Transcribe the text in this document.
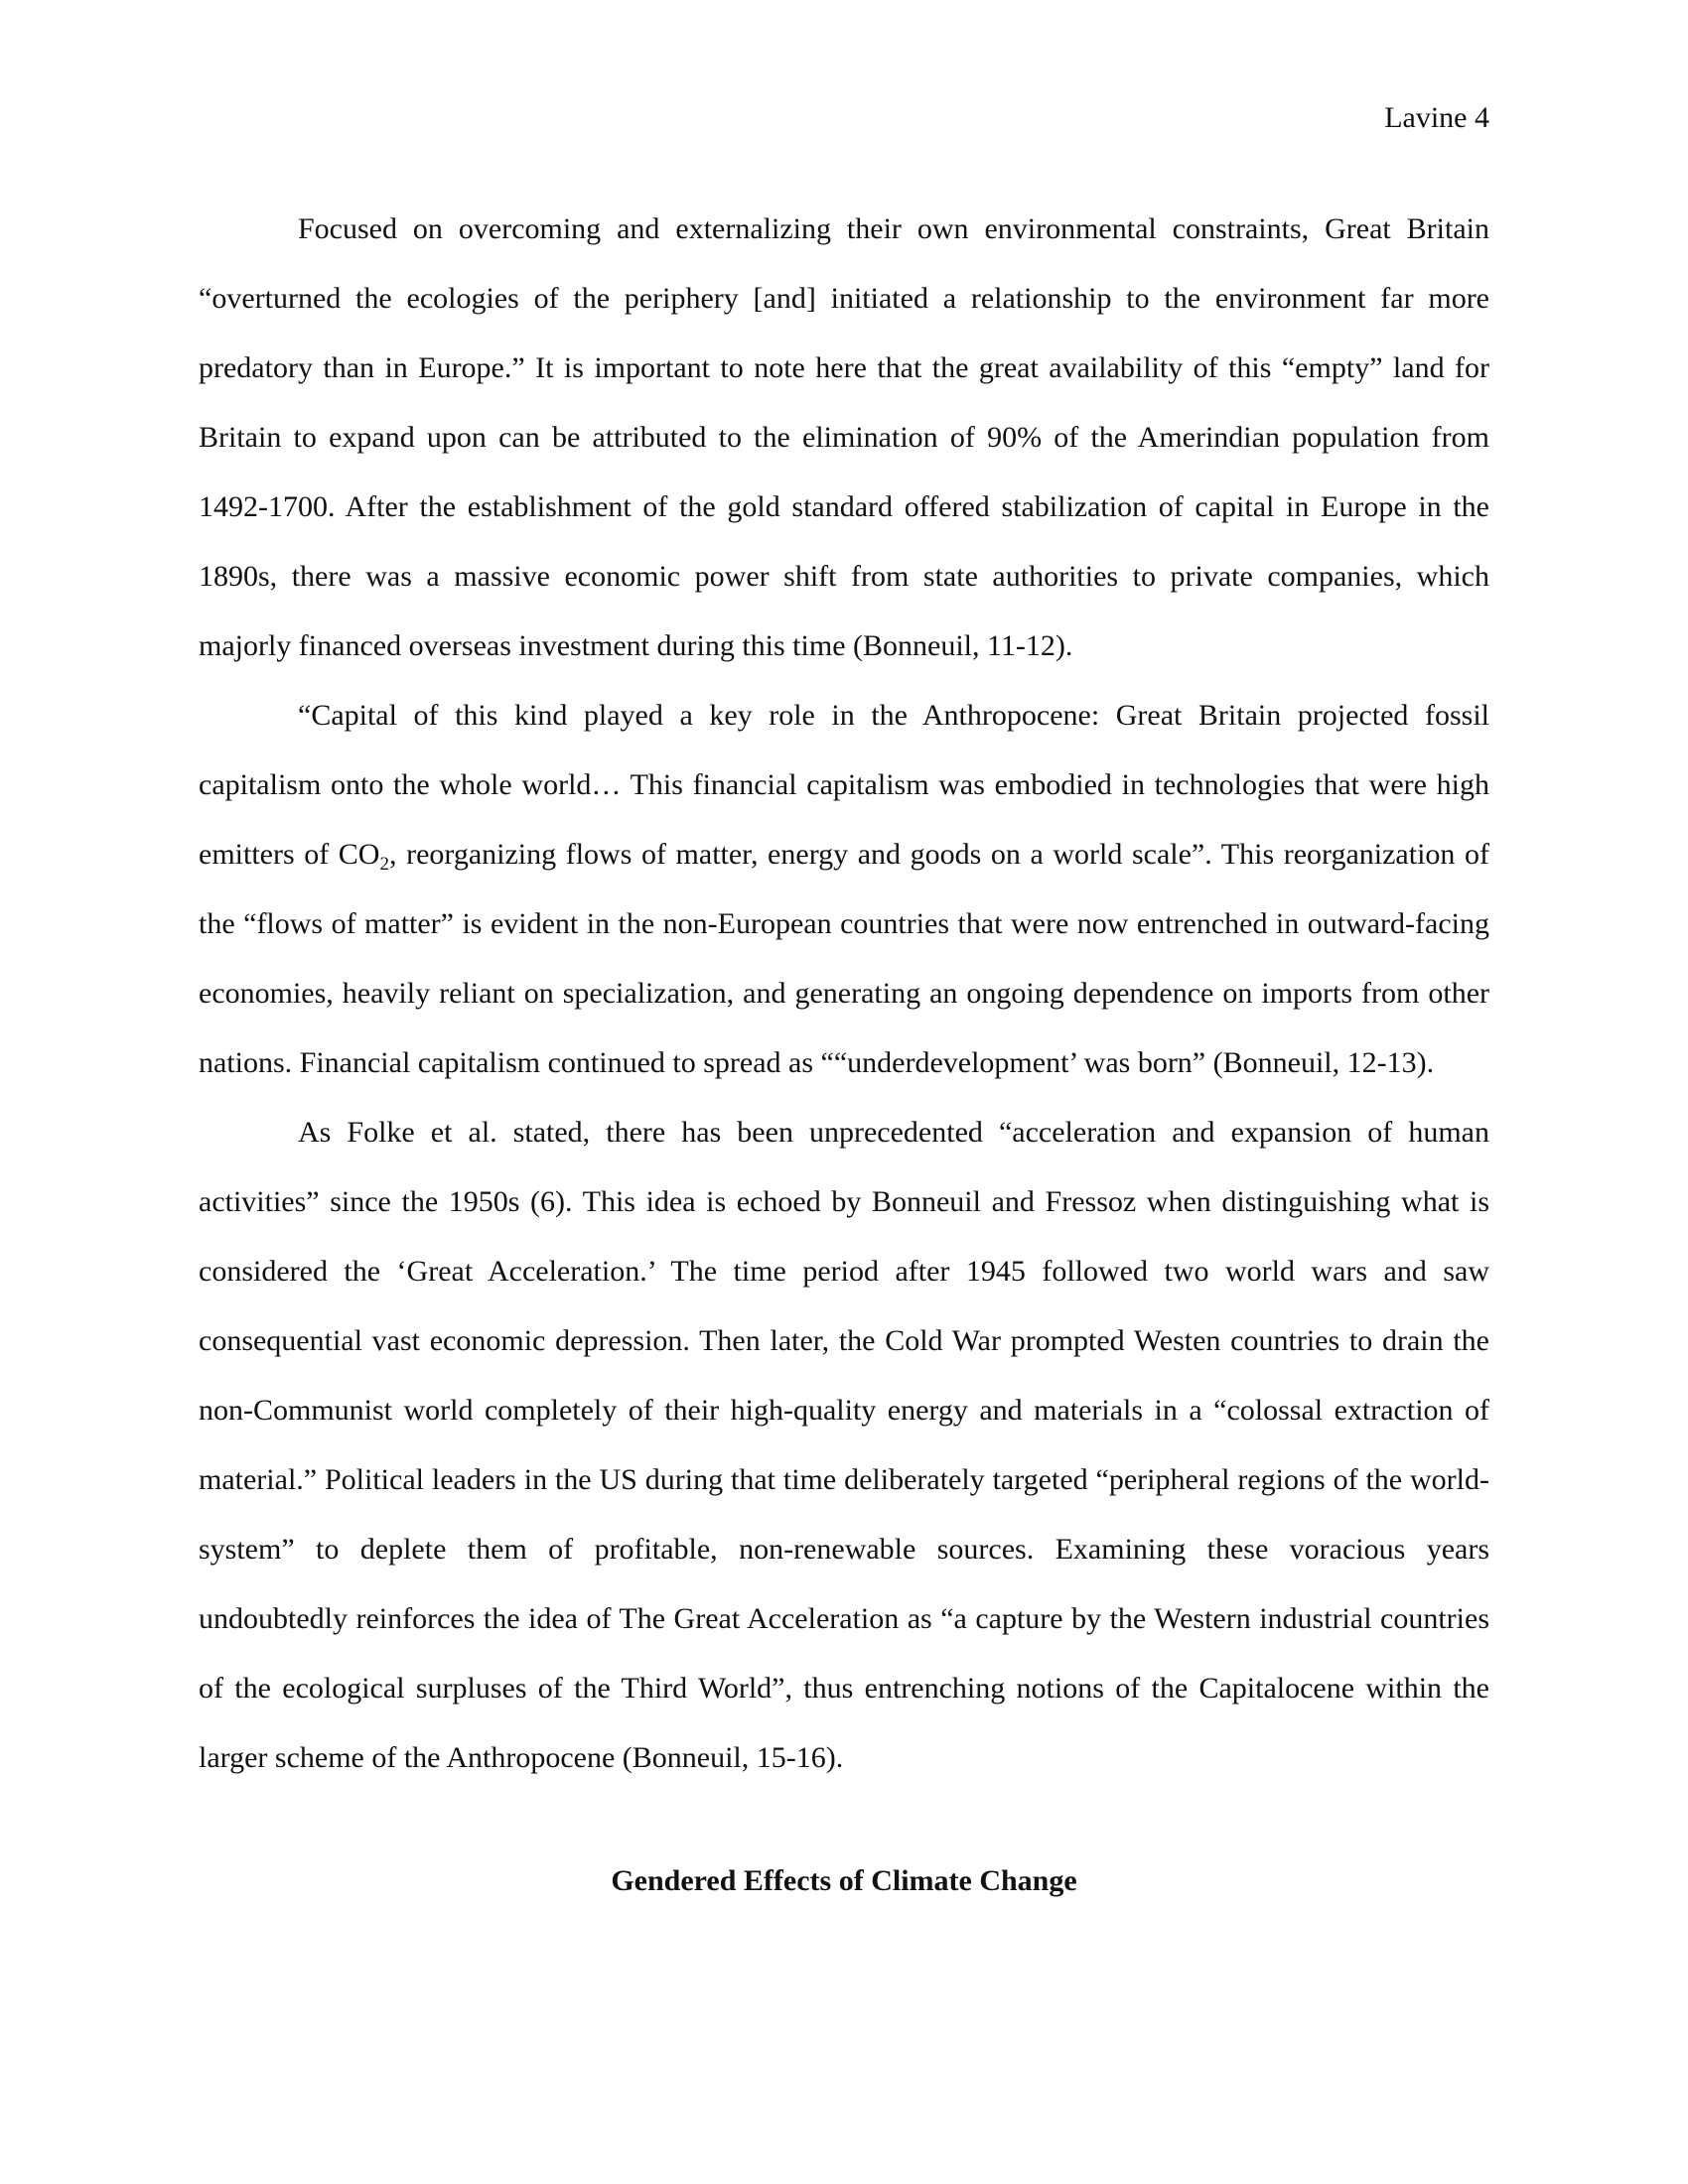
Lavine 4

Focused on overcoming and externalizing their own environmental constraints, Great Britain “overturned the ecologies of the periphery [and] initiated a relationship to the environment far more predatory than in Europe.” It is important to note here that the great availability of this “empty” land for Britain to expand upon can be attributed to the elimination of 90% of the Amerindian population from 1492-1700. After the establishment of the gold standard offered stabilization of capital in Europe in the 1890s, there was a massive economic power shift from state authorities to private companies, which majorly financed overseas investment during this time (Bonneuil, 11-12).

“Capital of this kind played a key role in the Anthropocene: Great Britain projected fossil capitalism onto the whole world… This financial capitalism was embodied in technologies that were high emitters of $CO_2$, reorganizing flows of matter, energy and goods on a world scale”. This reorganization of the “flows of matter” is evident in the non-European countries that were now entrenched in outward-facing economies, heavily reliant on specialization, and generating an ongoing dependence on imports from other nations. Financial capitalism continued to spread as ““underdevelopment’ was born” (Bonneuil, 12-13).

As Folke et al. stated, there has been unprecedented “acceleration and expansion of human activities” since the 1950s (6). This idea is echoed by Bonneuil and Fressoz when distinguishing what is considered the ‘Great Acceleration.’ The time period after 1945 followed two world wars and saw consequential vast economic depression. Then later, the Cold War prompted Westen countries to drain the non-Communist world completely of their high-quality energy and materials in a “colossal extraction of material.” Political leaders in the US during that time deliberately targeted “peripheral regions of the world-system” to deplete them of profitable, non-renewable sources. Examining these voracious years undoubtedly reinforces the idea of The Great Acceleration as “a capture by the Western industrial countries of the ecological surpluses of the Third World”, thus entrenching notions of the Capitalocene within the larger scheme of the Anthropocene (Bonneuil, 15-16).

Gendered Effects of Climate Change
